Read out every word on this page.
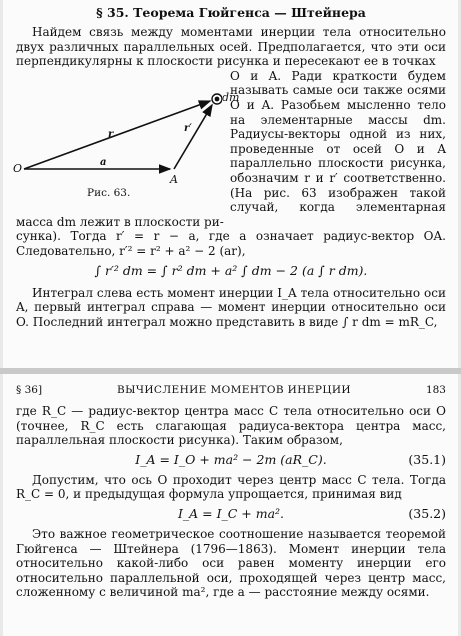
§ 35. Теорема Гюйгенса — Штейнера

Найдем связь между моментами инерции тела относительно двух различных параллельных осей. Предполагается, что эти оси перпендикулярны к плоскости рисунка и пересекают ее в точках

O
A
a
r
r′
dm
Рис. 63.

O и A. Ради краткости будем называть самые оси также осями O и A. Разобьем мысленно тело на элементарные массы dm. Радиусы-векторы одной из них, проведенные от осей O и A параллельно плоскости рисунка, обозначим r и r′ соответственно. (На рис. 63 изображен такой случай, когда элементарная масса dm лежит в плоскости ри-

сунка). Тогда r′ = r − a, где a означает радиус-вектор OA. Следовательно, r′² = r² + a² − 2 (ar),

∫ r′² dm = ∫ r² dm + a² ∫ dm − 2 (a ∫ r dm).

Интеграл слева есть момент инерции I_A тела относительно оси A, первый интеграл справа — момент инерции относительно оси O. Последний интеграл можно представить в виде ∫ r dm = mR_C,

§ 36]	ВЫЧИСЛЕНИЕ МОМЕНТОВ ИНЕРЦИИ	183

где R_C — радиус-вектор центра масс C тела относительно оси O (точнее, R_C есть слагающая радиуса-вектора центра масс, параллельная плоскости рисунка). Таким образом,

I_A = I_O + ma² − 2m (aR_C).	(35.1)

Допустим, что ось O проходит через центр масс C тела. Тогда R_C = 0, и предыдущая формула упрощается, принимая вид

I_A = I_C + ma².	(35.2)

Это важное геометрическое соотношение называется теоремой Гюйгенса — Штейнера (1796—1863). Момент инерции тела относительно какой-либо оси равен моменту инерции его относительно параллельной оси, проходящей через центр масс, сложенному с величиной ma², где a — расстояние между осями.
